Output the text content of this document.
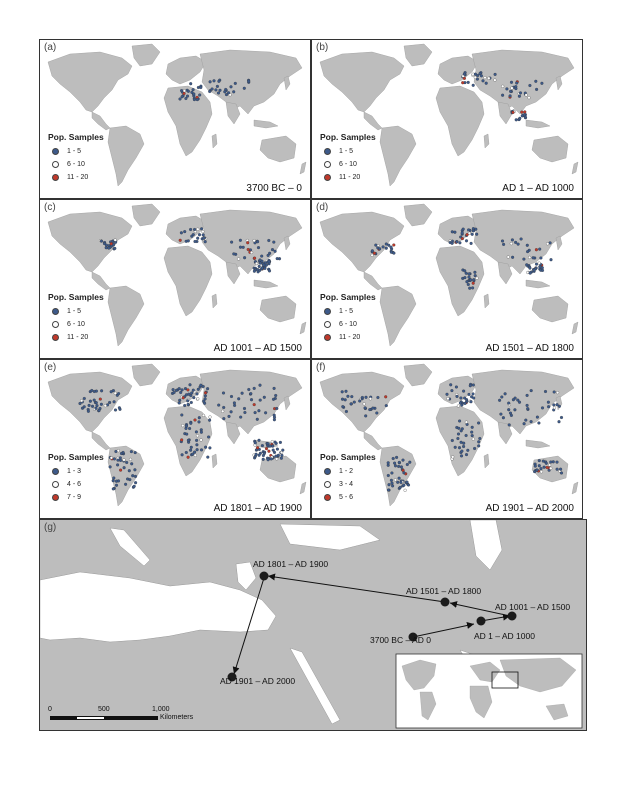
(a)
Pop. Samples
1 - 5
6 - 10
11 - 20
3700 BC – 0
(b)
Pop. Samples
1 - 5
6 - 10
11 - 20
AD 1 – AD 1000
(c)
Pop. Samples
1 - 5
6 - 10
11 - 20
AD 1001 – AD 1500
(d)
Pop. Samples
1 - 5
6 - 10
11 - 20
AD 1501 – AD 1800
(e)
Pop. Samples
1 - 3
4 - 6
7 - 9
AD 1801 – AD 1900
(f)
Pop. Samples
1 - 2
3 - 4
5 - 6
AD 1901 – AD 2000
(g)
AD 1801 – AD 1900
AD 1501 – AD 1800
AD 1001 – AD 1500
AD 1 – AD 1000
3700 BC – AD 0
AD 1901 – AD 2000
0	500	1,000
Kilometers
